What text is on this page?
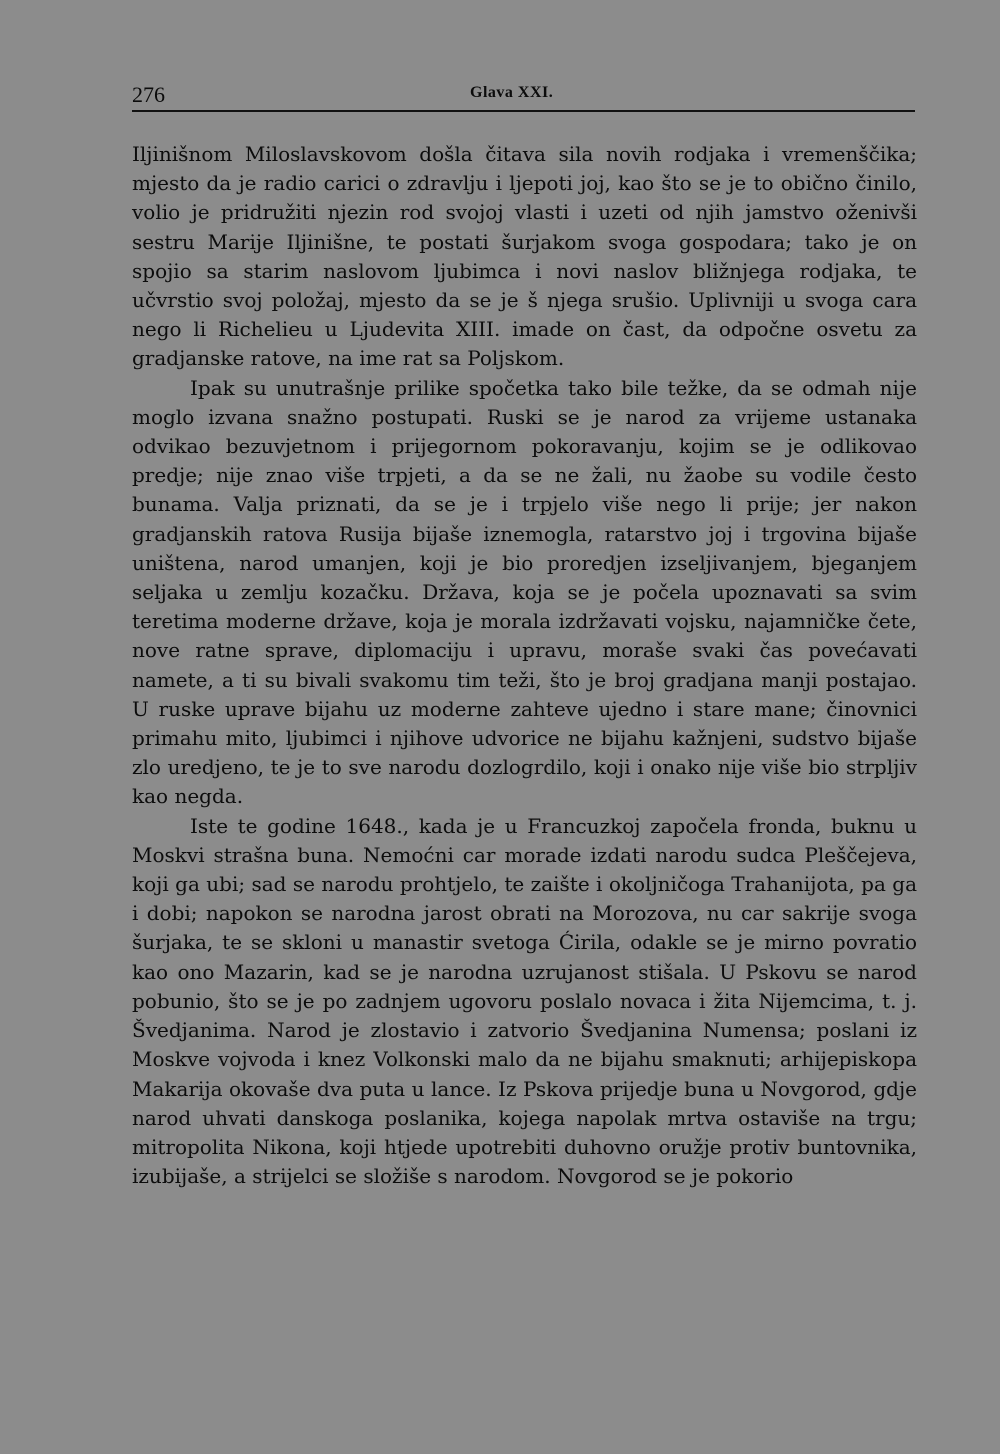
276	Glava XXI.

Iljinišnom Miloslavskovom došla čitava sila novih rodjaka i vremenščika; mjesto da je radio carici o zdravlju i ljepoti joj, kao što se je to obično činilo, volio je pridružiti njezin rod svojoj vlasti i uzeti od njih jamstvo oženivši sestru Marije Iljinišne, te postati šurjakom svoga gospodara; tako je on spojio sa starim naslovom ljubimca i novi naslov bližnjega rodjaka, te učvrstio svoj položaj, mjesto da se je š njega srušio. Uplivniji u svoga cara nego li Richelieu u Ljudevita XIII. imade on čast, da odpočne osvetu za gradjanske ratove, na ime rat sa Poljskom.

Ipak su unutrašnje prilike spočetka tako bile težke, da se odmah nije moglo izvana snažno postupati. Ruski se je narod za vrijeme ustanaka odvikao bezuvjetnom i prijegornom pokoravanju, kojim se je odlikovao predje; nije znao više trpjeti, a da se ne žali, nu žaobe su vodile često bunama. Valja priznati, da se je i trpjelo više nego li prije; jer nakon gradjanskih ratova Rusija bijaše iznemogla, ratarstvo joj i trgovina bijaše uništena, narod umanjen, koji je bio proredjen izseljivanjem, bjeganjem seljaka u zemlju kozačku. Država, koja se je počela upoznavati sa svim teretima moderne države, koja je morala izdržavati vojsku, najamničke čete, nove ratne sprave, diplomaciju i upravu, moraše svaki čas povećavati namete, a ti su bivali svakomu tim teži, što je broj gradjana manji postajao. U ruske uprave bijahu uz moderne zahteve ujedno i stare mane; činovnici primahu mito, ljubimci i njihove udvorice ne bijahu kažnjeni, sudstvo bijaše zlo uredjeno, te je to sve narodu dozlogrdilo, koji i onako nije više bio strpljiv kao negda.

Iste te godine 1648., kada je u Francuzkoj započela fronda, buknu u Moskvi strašna buna. Nemoćni car morade izdati narodu sudca Pleščejeva, koji ga ubi; sad se narodu prohtjelo, te zaište i okoljničoga Trahanijota, pa ga i dobi; napokon se narodna jarost obrati na Morozova, nu car sakrije svoga šurjaka, te se skloni u manastir svetoga Ćirila, odakle se je mirno povratio kao ono Mazarin, kad se je narodna uzrujanost stišala. U Pskovu se narod pobunio, što se je po zadnjem ugovoru poslalo novaca i žita Nijemcima, t. j. Švedjanima. Narod je zlostavio i zatvorio Švedjanina Numensa; poslani iz Moskve vojvoda i knez Volkonski malo da ne bijahu smaknuti; arhijepiskopa Makarija okovaše dva puta u lance. Iz Pskova prijedje buna u Novgorod, gdje narod uhvati danskoga poslanika, kojega napolak mrtva ostaviše na trgu; mitropolita Nikona, koji htjede upotrebiti duhovno oružje protiv buntovnika, izubijaše, a strijelci se složiše s narodom. Novgorod se je pokorio
